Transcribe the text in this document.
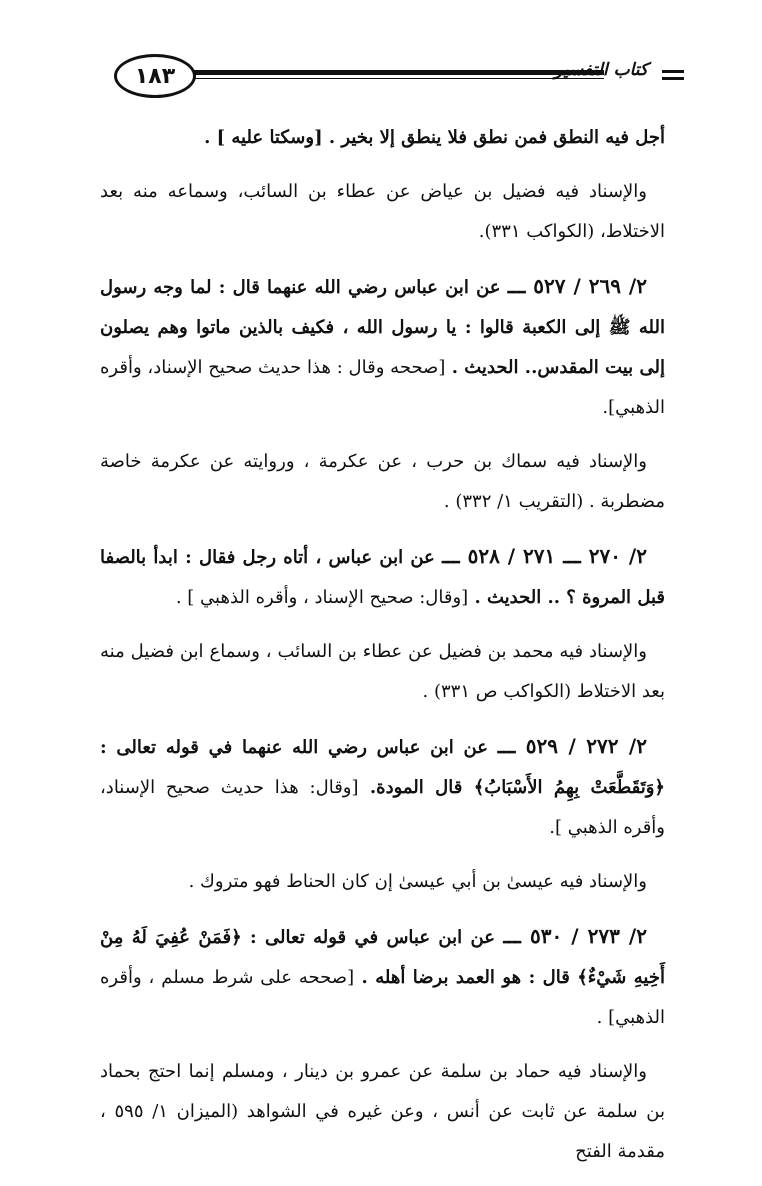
١٨٣	كتاب التفسير

أجل فيه النطق فمن نطق فلا ينطق إلا بخير . [وسكتا عليه ] .

والإسناد فيه فضيل بن عياض عن عطاء بن السائب، وسماعه منه بعد الاختلاط، (الكواكب ٣٣١).

٢/ ٢٦٩ / ٥٢٧ ـــ عن ابن عباس رضي الله عنهما قال : لما وجه رسول الله ﷺ إلى الكعبة قالوا : يا رسول الله ، فكيف بالذين ماتوا وهم يصلون إلى بيت المقدس.. الحديث . [صححه وقال : هذا حديث صحيح الإسناد، وأقره الذهبي].

والإسناد فيه سماك بن حرب ، عن عكرمة ، وروايته عن عكرمة خاصة مضطربة . (التقريب ١/ ٣٣٢) .

٢/ ٢٧٠ ـــ ٢٧١ / ٥٢٨ ـــ عن ابن عباس ، أتاه رجل فقال : ابدأ بالصفا قبل المروة ؟ .. الحديث . [وقال: صحيح الإسناد ، وأقره الذهبي ] .

والإسناد فيه محمد بن فضيل عن عطاء بن السائب ، وسماع ابن فضيل منه بعد الاختلاط (الكواكب ص ٣٣١) .

٢/ ٢٧٢ / ٥٢٩ ـــ عن ابن عباس رضي الله عنهما في قوله تعالى : ﴿وَتَقَطَّعَتْ بِهِمُ الأَسْبَابُ﴾ قال المودة. [وقال: هذا حديث صحيح الإسناد، وأقره الذهبي ].

والإسناد فيه عيسىٰ بن أبي عيسىٰ إن كان الحناط فهو متروك .

٢/ ٢٧٣ / ٥٣٠ ـــ عن ابن عباس في قوله تعالى : ﴿فَمَنْ عُفِيَ لَهُ مِنْ أَخِيهِ شَيْءٌ﴾ قال : هو العمد برضا أهله . [صححه على شرط مسلم ، وأقره الذهبي] .

والإسناد فيه حماد بن سلمة عن عمرو بن دينار ، ومسلم إنما احتج بحماد بن سلمة عن ثابت عن أنس ، وعن غيره في الشواهد (الميزان ١/ ٥٩٥ ، مقدمة الفتح
